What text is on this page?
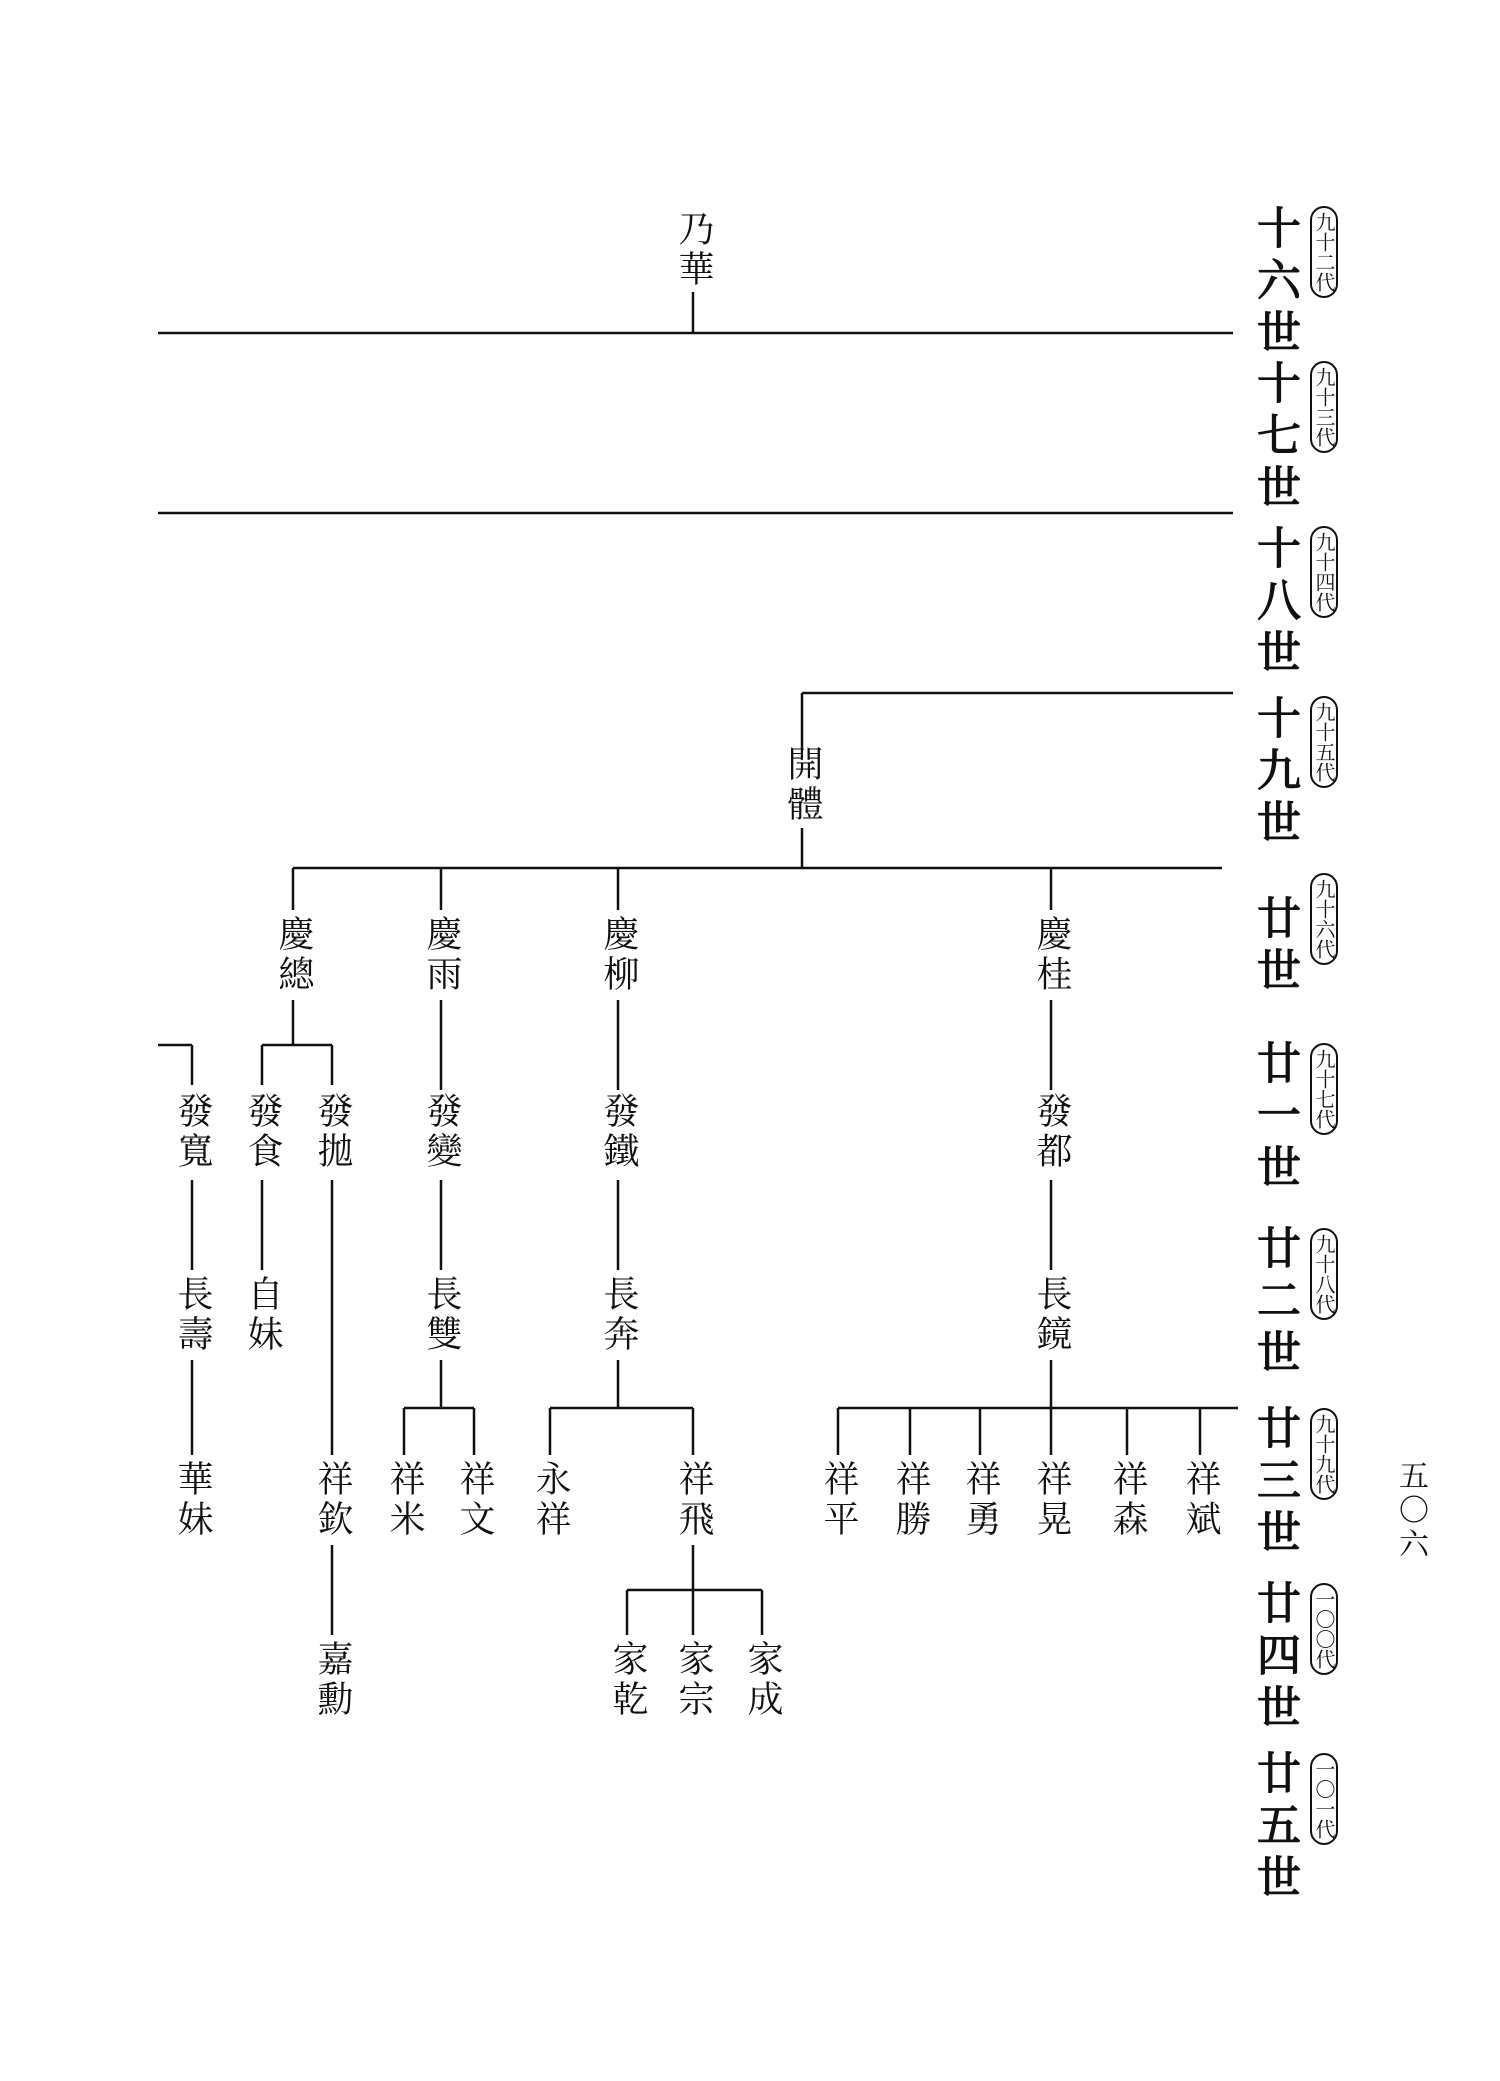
十六世 九十二代
十七世 九十三代
十八世 九十四代
十九世 九十五代
廿世 九十六代
廿一世 九十七代
廿二世 九十八代
廿三世 九十九代
廿四世 一〇〇代
廿五世 一〇一代
五〇六
乃華
開體
慶總	慶雨	慶柳	慶桂
發寬 發食 發拋 發變	發鐵	發都
長壽 自妹	長雙	長奔	長鏡
華妹	祥欽 祥米 祥文 永祥	祥飛	祥平 祥勝 祥勇 祥晃 祥森 祥斌
嘉勳	家乾 家宗 家成
